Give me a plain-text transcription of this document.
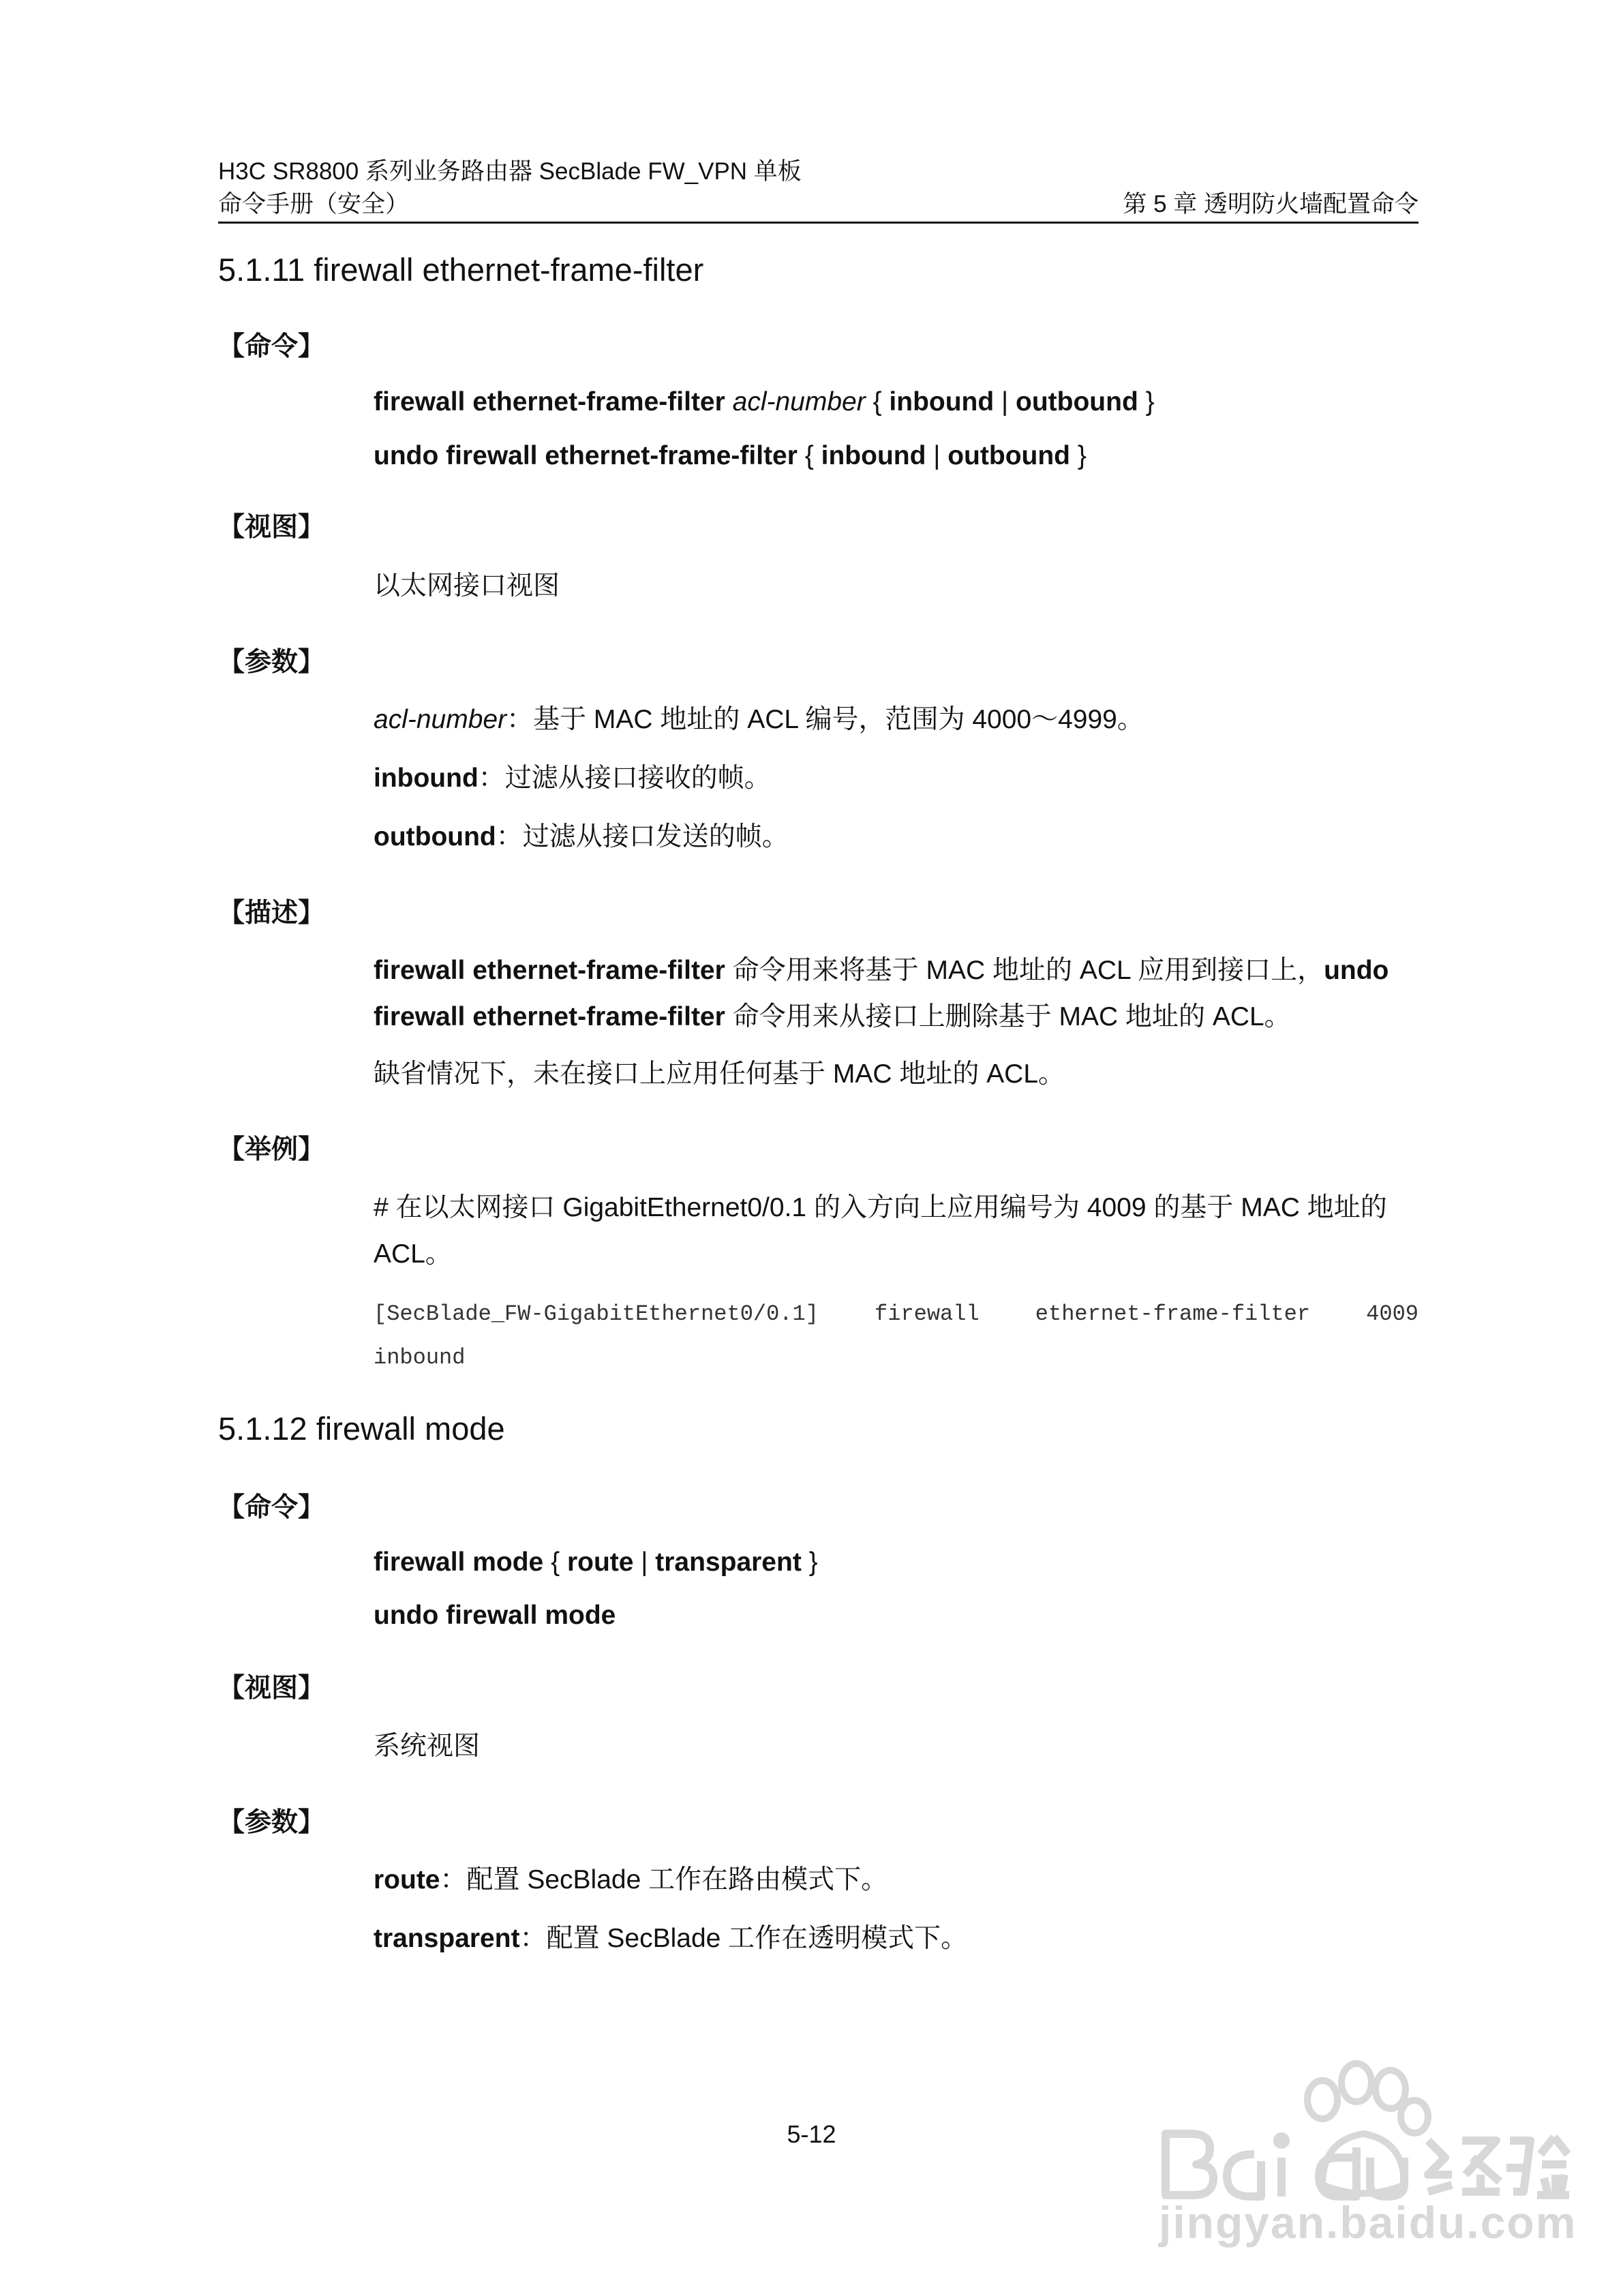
H3C SR8800 系列业务路由器 SecBlade FW_VPN 单板
命令手册（安全）	第 5 章 透明防火墙配置命令
5.1.11 firewall ethernet-frame-filter
【命令】
firewall ethernet-frame-filter acl-number { inbound | outbound }
undo firewall ethernet-frame-filter { inbound | outbound }
【视图】
以太网接口视图
【参数】
acl-number：基于 MAC 地址的 ACL 编号，范围为 4000～4999。
inbound：过滤从接口接收的帧。
outbound：过滤从接口发送的帧。
【描述】
firewall ethernet-frame-filter 命令用来将基于 MAC 地址的 ACL 应用到接口上，undo firewall ethernet-frame-filter 命令用来从接口上删除基于 MAC 地址的 ACL。
缺省情况下，未在接口上应用任何基于 MAC 地址的 ACL。
【举例】
# 在以太网接口 GigabitEthernet0/0.1 的入方向上应用编号为 4009 的基于 MAC 地址的 ACL。
[SecBlade_FW-GigabitEthernet0/0.1]	firewall	ethernet-frame-filter	4009
inbound
5.1.12 firewall mode
【命令】
firewall mode { route | transparent }
undo firewall mode
【视图】
系统视图
【参数】
route：配置 SecBlade 工作在路由模式下。
transparent：配置 SecBlade 工作在透明模式下。
5-12
jingyan.baidu.com
